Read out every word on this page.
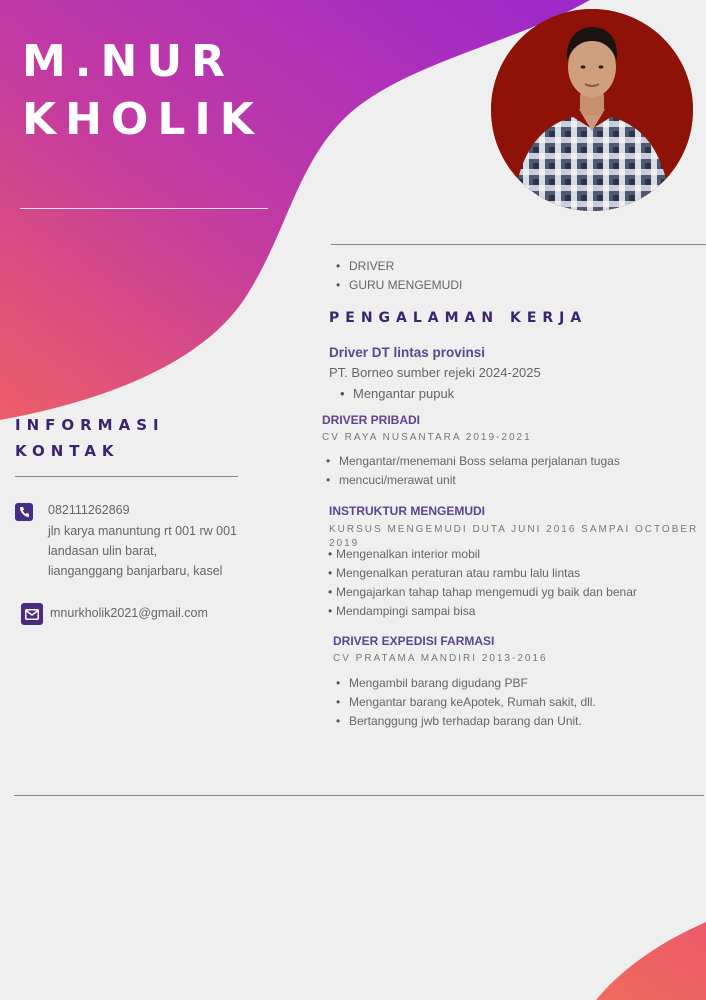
M.NUR
KHOLIK
• DRIVER
• GURU MENGEMUDI
PENGALAMAN KERJA
Driver DT lintas provinsi
PT. Borneo sumber rejeki 2024-2025
• Mengantar pupuk
DRIVER PRIBADI
CV RAYA NUSANTARA 2019-2021
• Mengantar/menemani Boss selama perjalanan tugas
• mencuci/merawat unit
INSTRUKTUR MENGEMUDI
KURSUS MENGEMUDI DUTA JUNI 2016 SAMPAI OCTOBER 2019
• Mengenalkan interior mobil
• Mengenalkan peraturan atau rambu lalu lintas
• Mengajarkan tahap tahap mengemudi yg baik dan benar
• Mendampingi sampai bisa
DRIVER EXPEDISI FARMASI
CV PRATAMA MANDIRI 2013-2016
• Mengambil barang digudang PBF
• Mengantar barang keApotek, Rumah sakit, dll.
• Bertanggung jwb terhadap barang dan Unit.
INFORMASI
KONTAK
082111262869
jln karya manuntung rt 001 rw 001
landasan ulin barat,
lianganggang banjarbaru, kasel
mnurkholik2021@gmail.com
